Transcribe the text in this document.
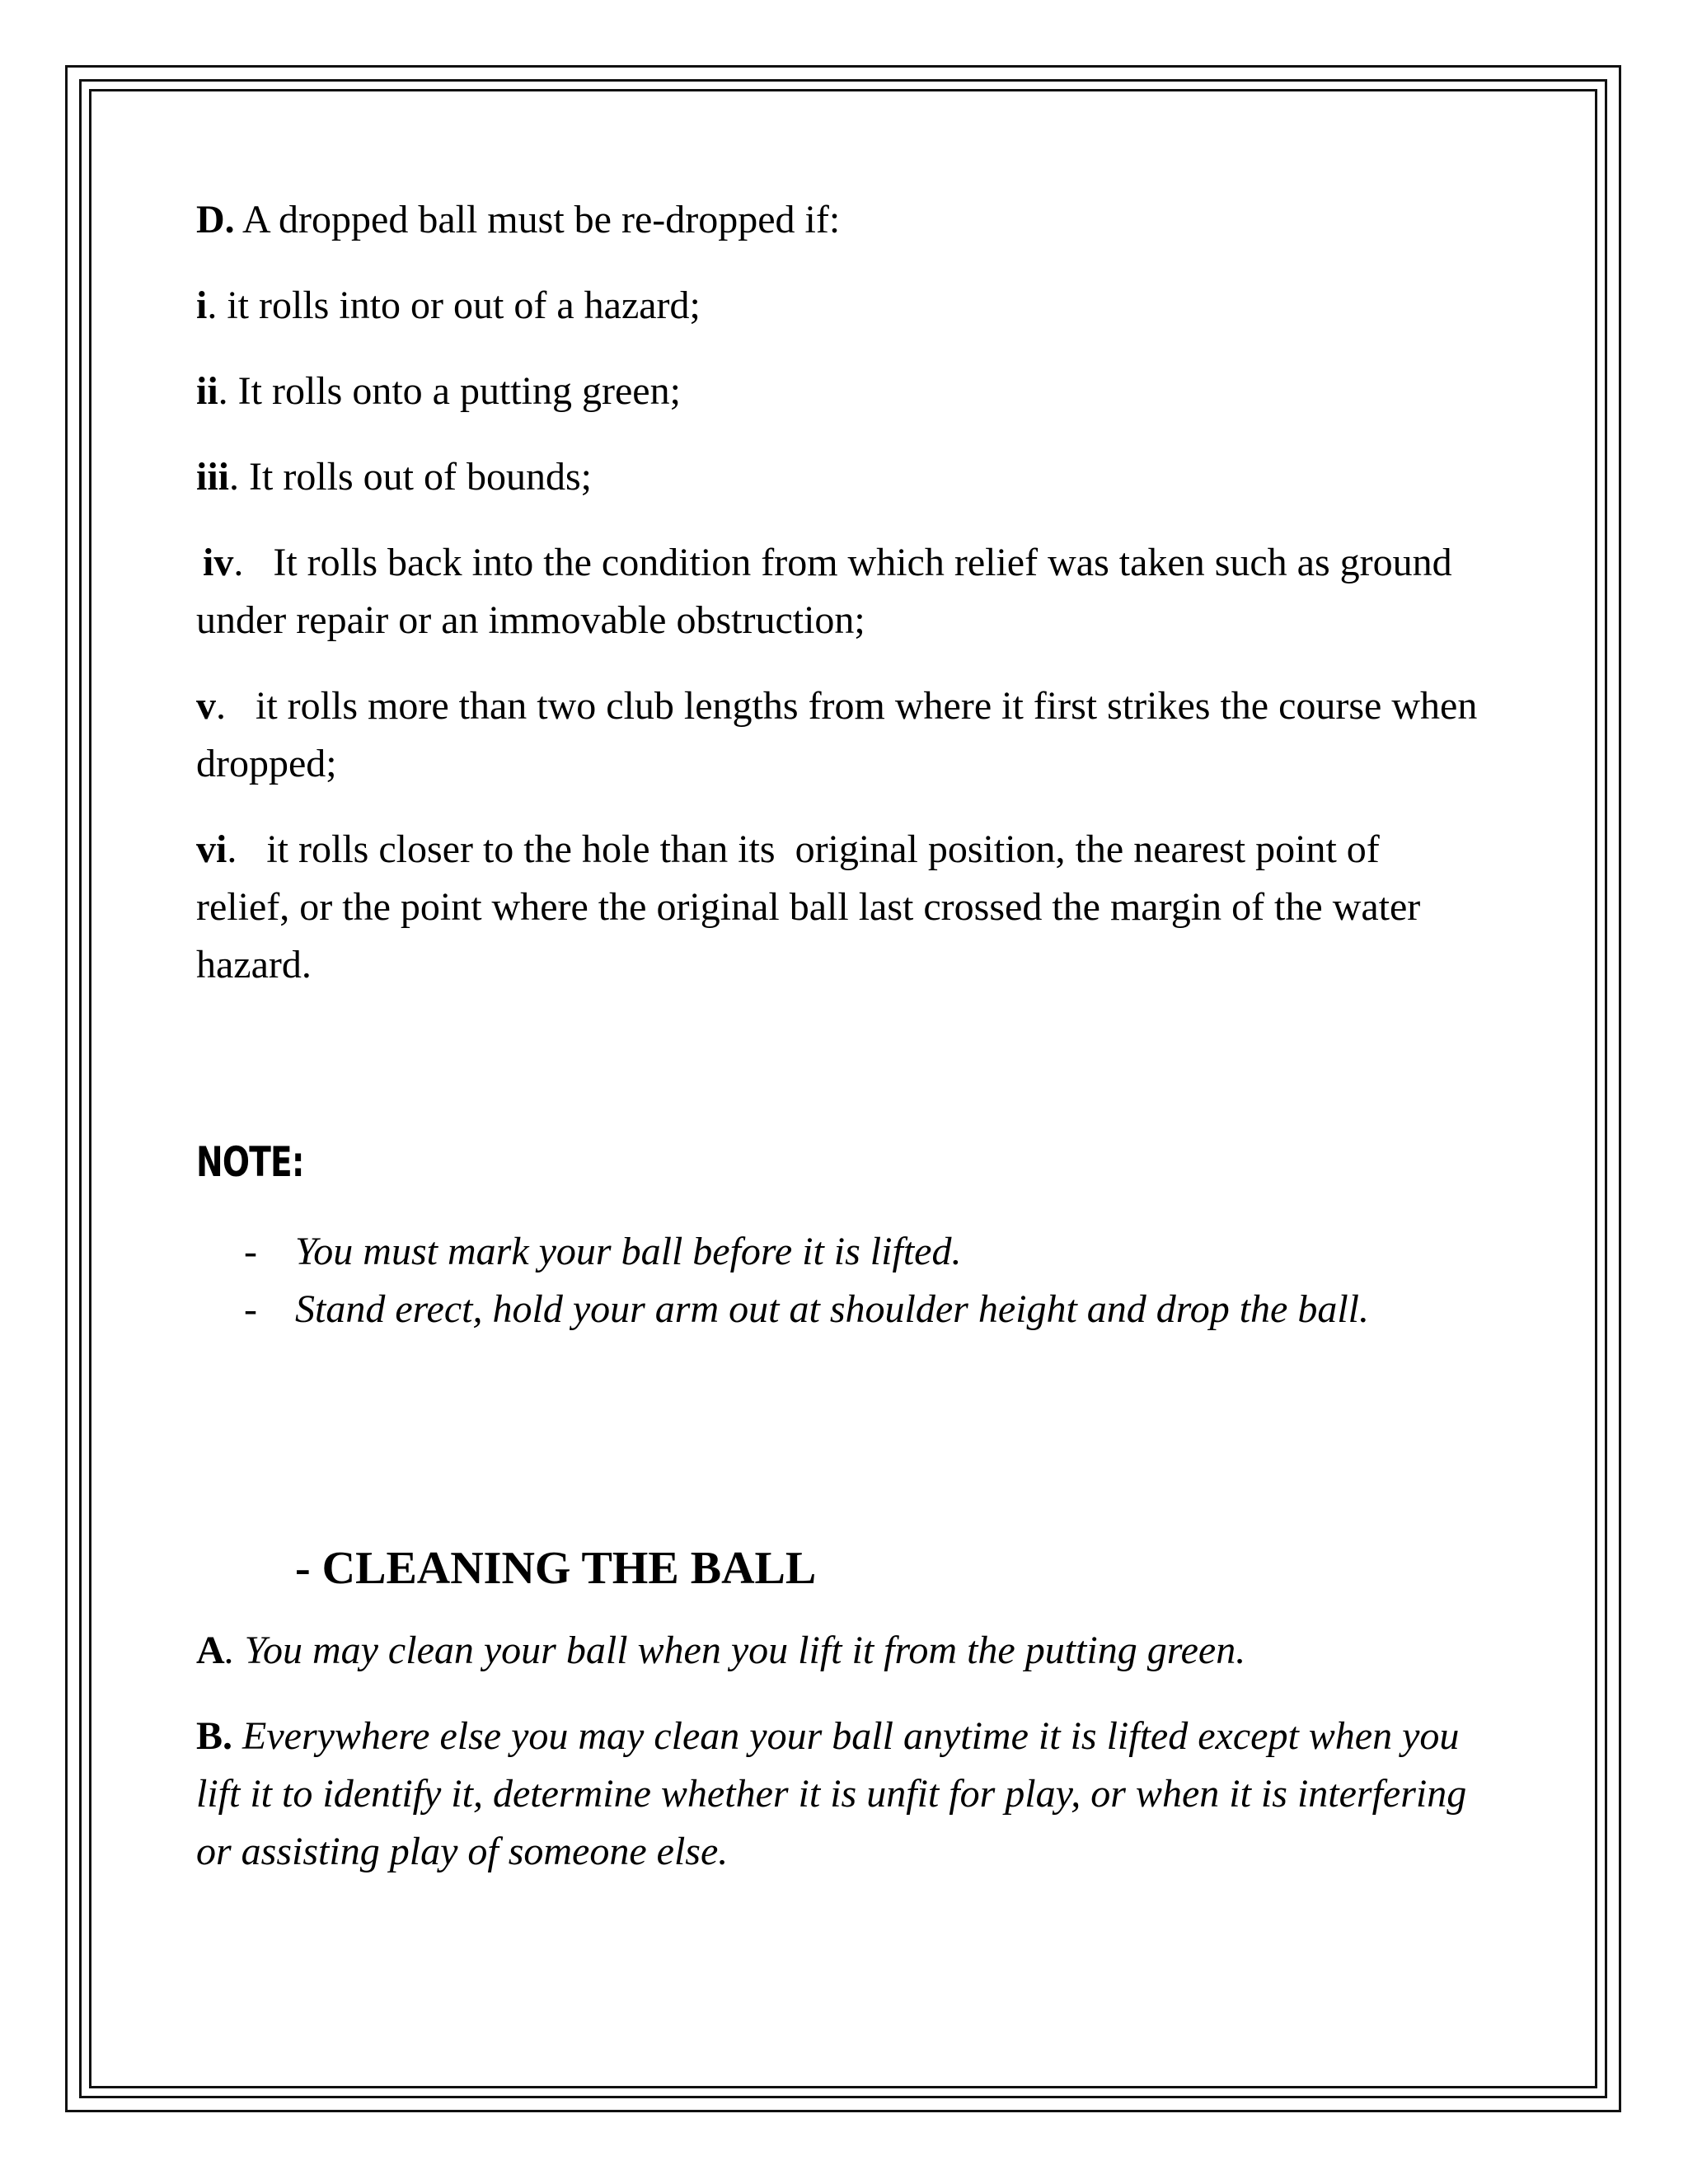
D. A dropped ball must be re-dropped if:

i. it rolls into or out of a hazard;

ii. It rolls onto a putting green;

iii. It rolls out of bounds;

iv.   It rolls back into the condition from which relief was taken such as ground under repair or an immovable obstruction;

v.   it rolls more than two club lengths from where it first strikes the course when dropped;

vi.   it rolls closer to the hole than its  original position, the nearest point of relief, or the point where the original ball last crossed the margin of the water hazard.

NOTE:
- You must mark your ball before it is lifted.
- Stand erect, hold your arm out at shoulder height and drop the ball.
- CLEANING THE BALL

A. You may clean your ball when you lift it from the putting green.

B. Everywhere else you may clean your ball anytime it is lifted except when you lift it to identify it, determine whether it is unfit for play, or when it is interfering or assisting play of someone else.
